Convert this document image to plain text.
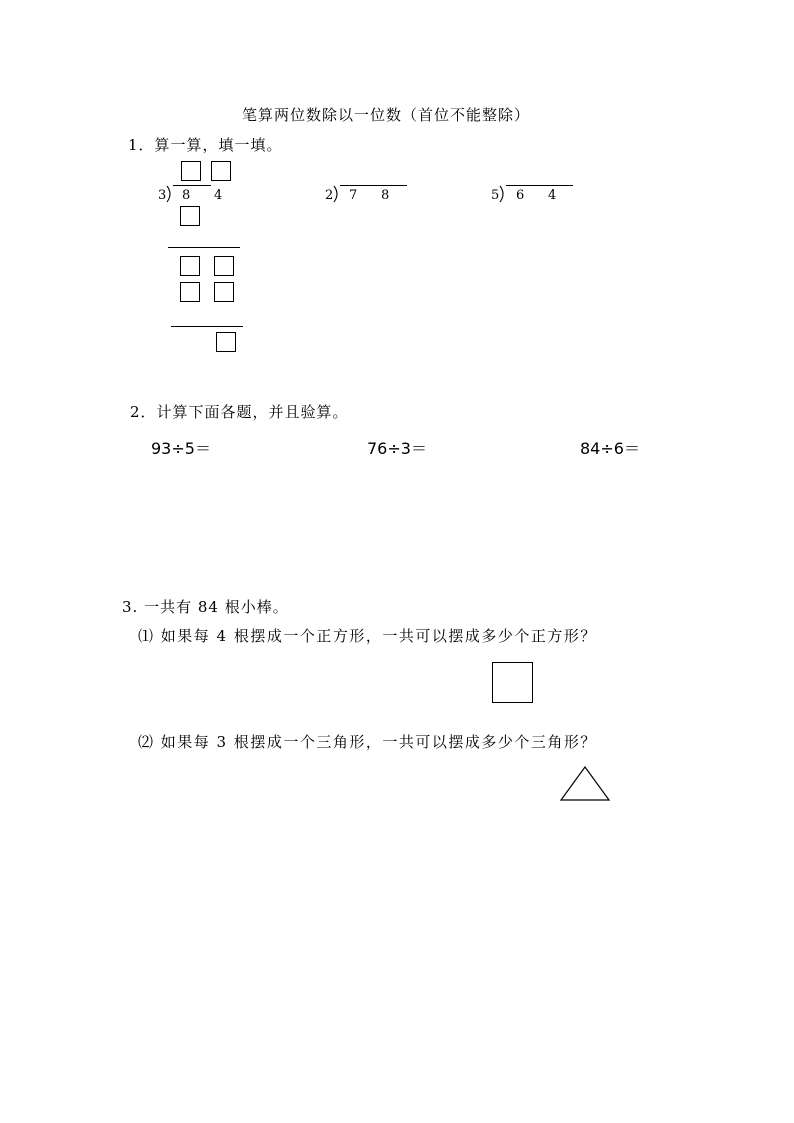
笔算两位数除以一位数（首位不能整除）
1．算一算，填一填。
3 8 4	2 7 8	5 6 4
2．计算下面各题，并且验算。
93÷5＝	76÷3＝	84÷6＝
3. 一共有 84 根小棒。
⑴ 如果每 4 根摆成一个正方形，一共可以摆成多少个正方形？
⑵ 如果每 3 根摆成一个三角形，一共可以摆成多少个三角形？
